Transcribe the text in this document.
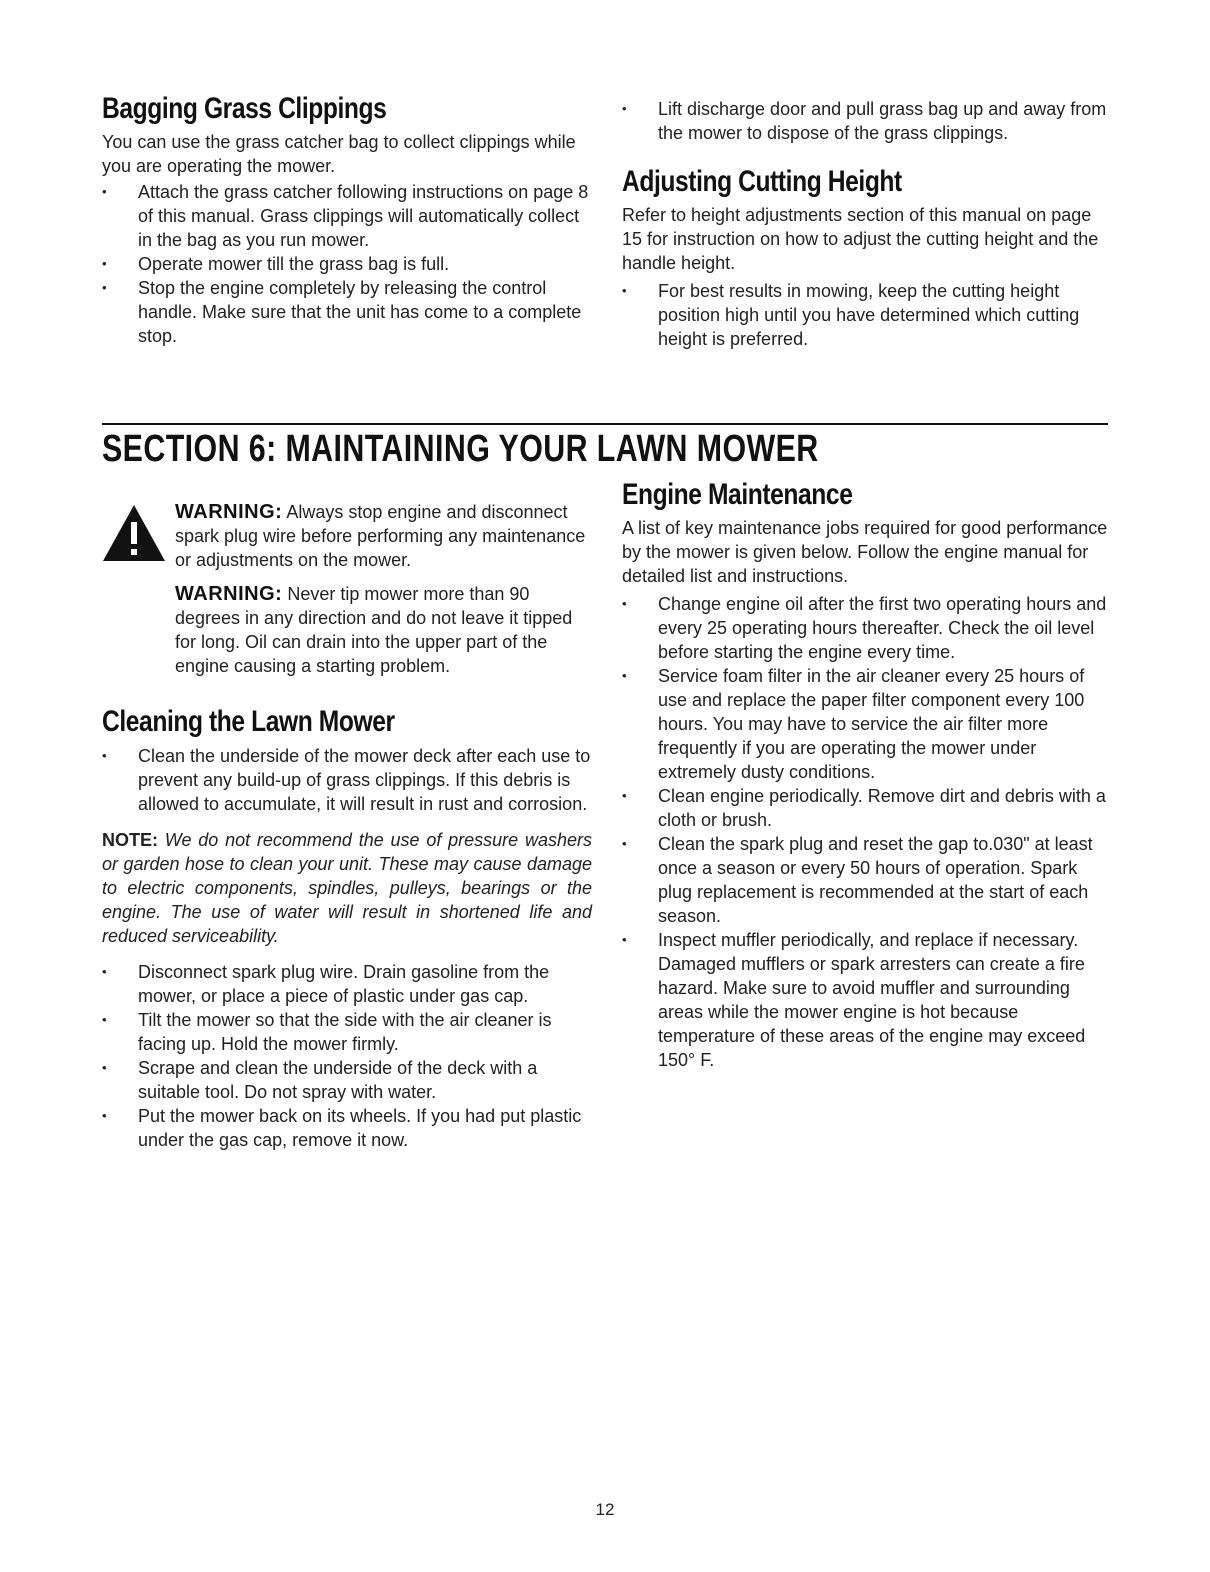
Bagging Grass Clippings
You can use the grass catcher bag to collect clippings while you are operating the mower.
• Attach the grass catcher following instructions on page 8 of this manual. Grass clippings will automatically collect in the bag as you run mower.
• Operate mower till the grass bag is full.
• Stop the engine completely by releasing the control handle. Make sure that the unit has come to a complete stop.
• Lift discharge door and pull grass bag up and away from the mower to dispose of the grass clippings.
Adjusting Cutting Height
Refer to height adjustments section of this manual on page 15 for instruction on how to adjust the cutting height and the handle height.
• For best results in mowing, keep the cutting height position high until you have determined which cutting height is preferred.
SECTION 6: MAINTAINING YOUR LAWN MOWER
WARNING: Always stop engine and disconnect spark plug wire before performing any maintenance or adjustments on the mower.
WARNING: Never tip mower more than 90 degrees in any direction and do not leave it tipped for long. Oil can drain into the upper part of the engine causing a starting problem.
Cleaning the Lawn Mower
• Clean the underside of the mower deck after each use to prevent any build-up of grass clippings. If this debris is allowed to accumulate, it will result in rust and corrosion.
NOTE: We do not recommend the use of pressure washers or garden hose to clean your unit. These may cause damage to electric components, spindles, pulleys, bearings or the engine. The use of water will result in shortened life and reduced serviceability.
• Disconnect spark plug wire. Drain gasoline from the mower, or place a piece of plastic under gas cap.
• Tilt the mower so that the side with the air cleaner is facing up. Hold the mower firmly.
• Scrape and clean the underside of the deck with a suitable tool. Do not spray with water.
• Put the mower back on its wheels. If you had put plastic under the gas cap, remove it now.
Engine Maintenance
A list of key maintenance jobs required for good performance by the mower is given below. Follow the engine manual for detailed list and instructions.
• Change engine oil after the first two operating hours and every 25 operating hours thereafter. Check the oil level before starting the engine every time.
• Service foam filter in the air cleaner every 25 hours of use and replace the paper filter component every 100 hours. You may have to service the air filter more frequently if you are operating the mower under extremely dusty conditions.
• Clean engine periodically. Remove dirt and debris with a cloth or brush.
• Clean the spark plug and reset the gap to.030" at least once a season or every 50 hours of operation. Spark plug replacement is recommended at the start of each season.
• Inspect muffler periodically, and replace if necessary. Damaged mufflers or spark arresters can create a fire hazard. Make sure to avoid muffler and surrounding areas while the mower engine is hot because temperature of these areas of the engine may exceed 150° F.
12
